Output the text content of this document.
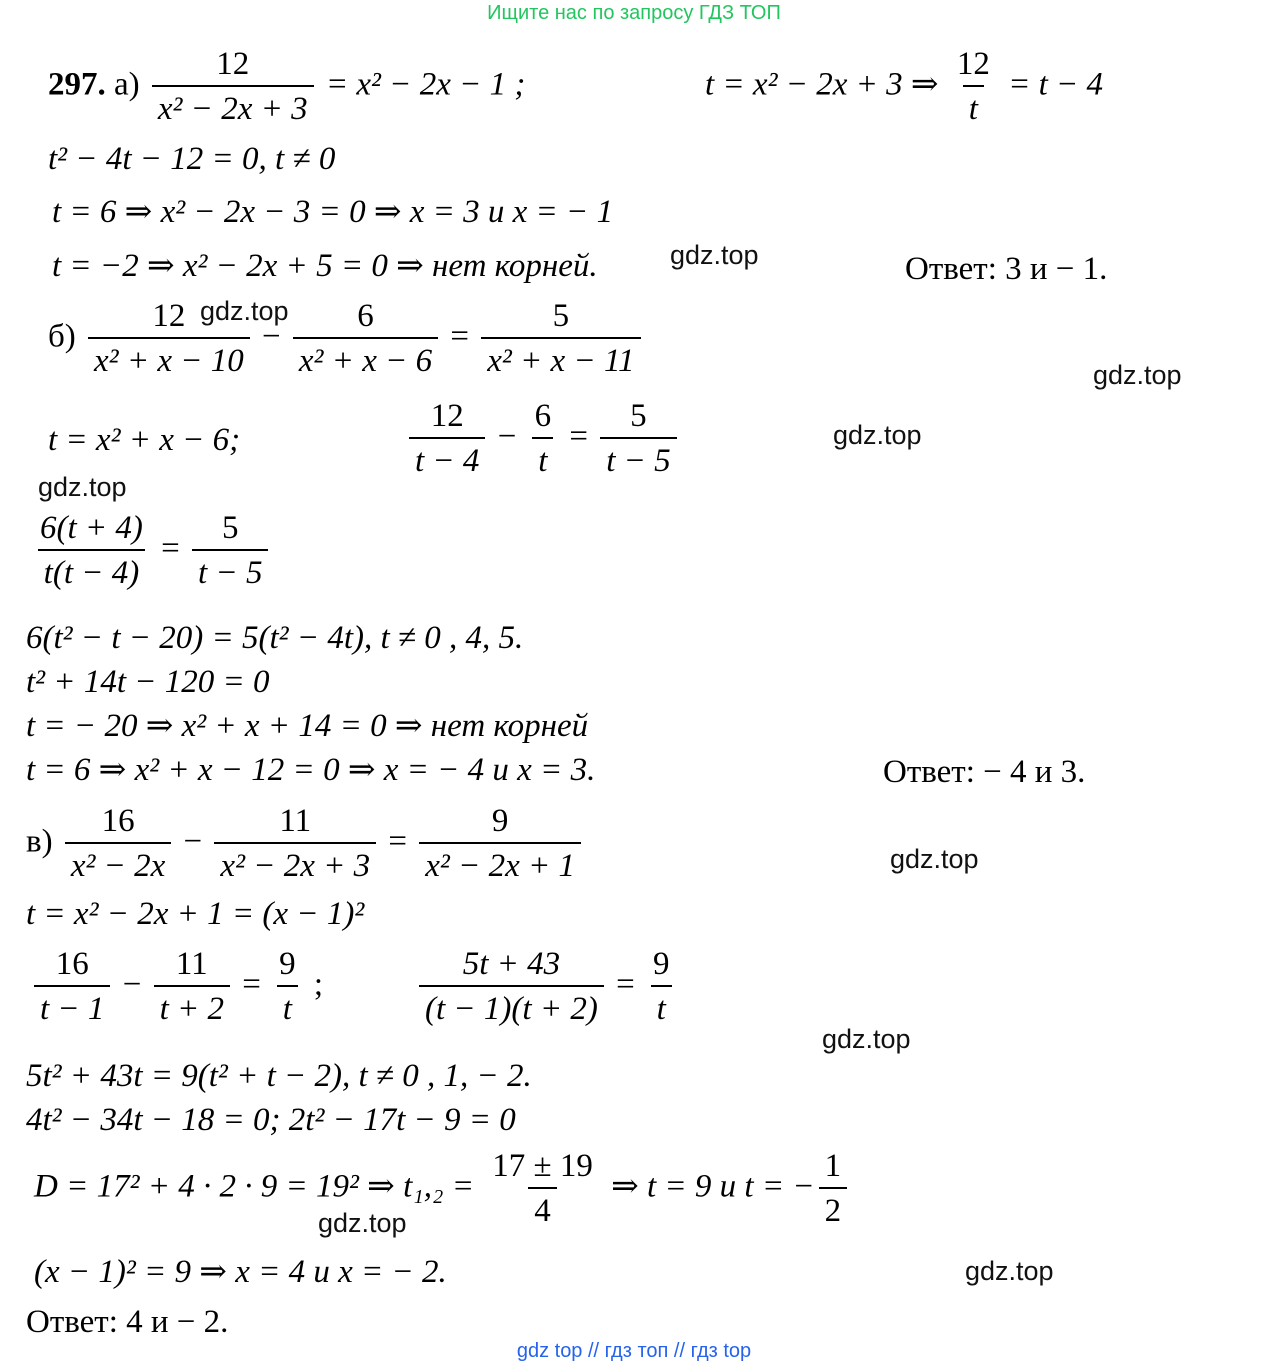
Ищите нас по запросу ГДЗ ТОП
297. $а) \frac{12}{\text{x² − 2x + 3}} = x^2 - 2x - 1$ ;	t = x² − 2x + 3 ⇒ $\frac{12}{t} = t - 4$
t² − 4t − 12 = 0, t ≠ 0
t = 6 ⇒ x² − 2x − 3 = 0 ⇒ x = 3 и x = − 1
t = −2 ⇒ x² − 2x + 5 = 0 ⇒ нет корней.	Ответ: 3 и − 1.
$б) \frac{12}{\text{x² + x − 10}} - \frac{6}{\text{x² + x − 6}} = \frac{5}{\text{x² + x − 11}}$
t = x² + x − 6;	$\frac{12}{t - 4} - \frac{6}{t} = \frac{5}{t - 5}$
$\frac{6(t + 4)}{t(t - 4)} = \frac{5}{t - 5}$
6(t² − t − 20) = 5(t² − 4t), t ≠ 0 , 4, 5.
t² + 14t − 120 = 0
t = − 20 ⇒ x² + x + 14 = 0 ⇒ нет корней
t = 6 ⇒ x² + x − 12 = 0 ⇒ x = − 4 и x = 3.	Ответ: − 4 и 3.
$в) \frac{16}{\text{x² − 2x}} - \frac{11}{\text{x² − 2x + 3}} = \frac{9}{\text{x² − 2x + 1}}$
t = x² − 2x + 1 = (x − 1)²
$\frac{16}{t - 1} - \frac{11}{t + 2} = \frac{9}{t}$ ;	$\frac{5t + 43}{(t - 1)(t + 2)} = \frac{9}{t}$
5t² + 43t = 9(t² + t − 2), t ≠ 0 , 1, − 2.
4t² − 34t − 18 = 0; 2t² − 17t − 9 = 0
D = 17² + 4 · 2 · 9 = 19² ⇒ $t_1,_2 = \frac{17 \pm 19}{4}$ ⇒ t = 9 и t = − $\frac{1}{2}$
(x − 1)² = 9 ⇒ x = 4 и x = − 2.
Ответ: 4 и − 2.
gdz.top
gdz.top
gdz.top
gdz.top
gdz.top
gdz.top
gdz.top
gdz.top
gdz.top
gdz top // гдз топ // гдз top
